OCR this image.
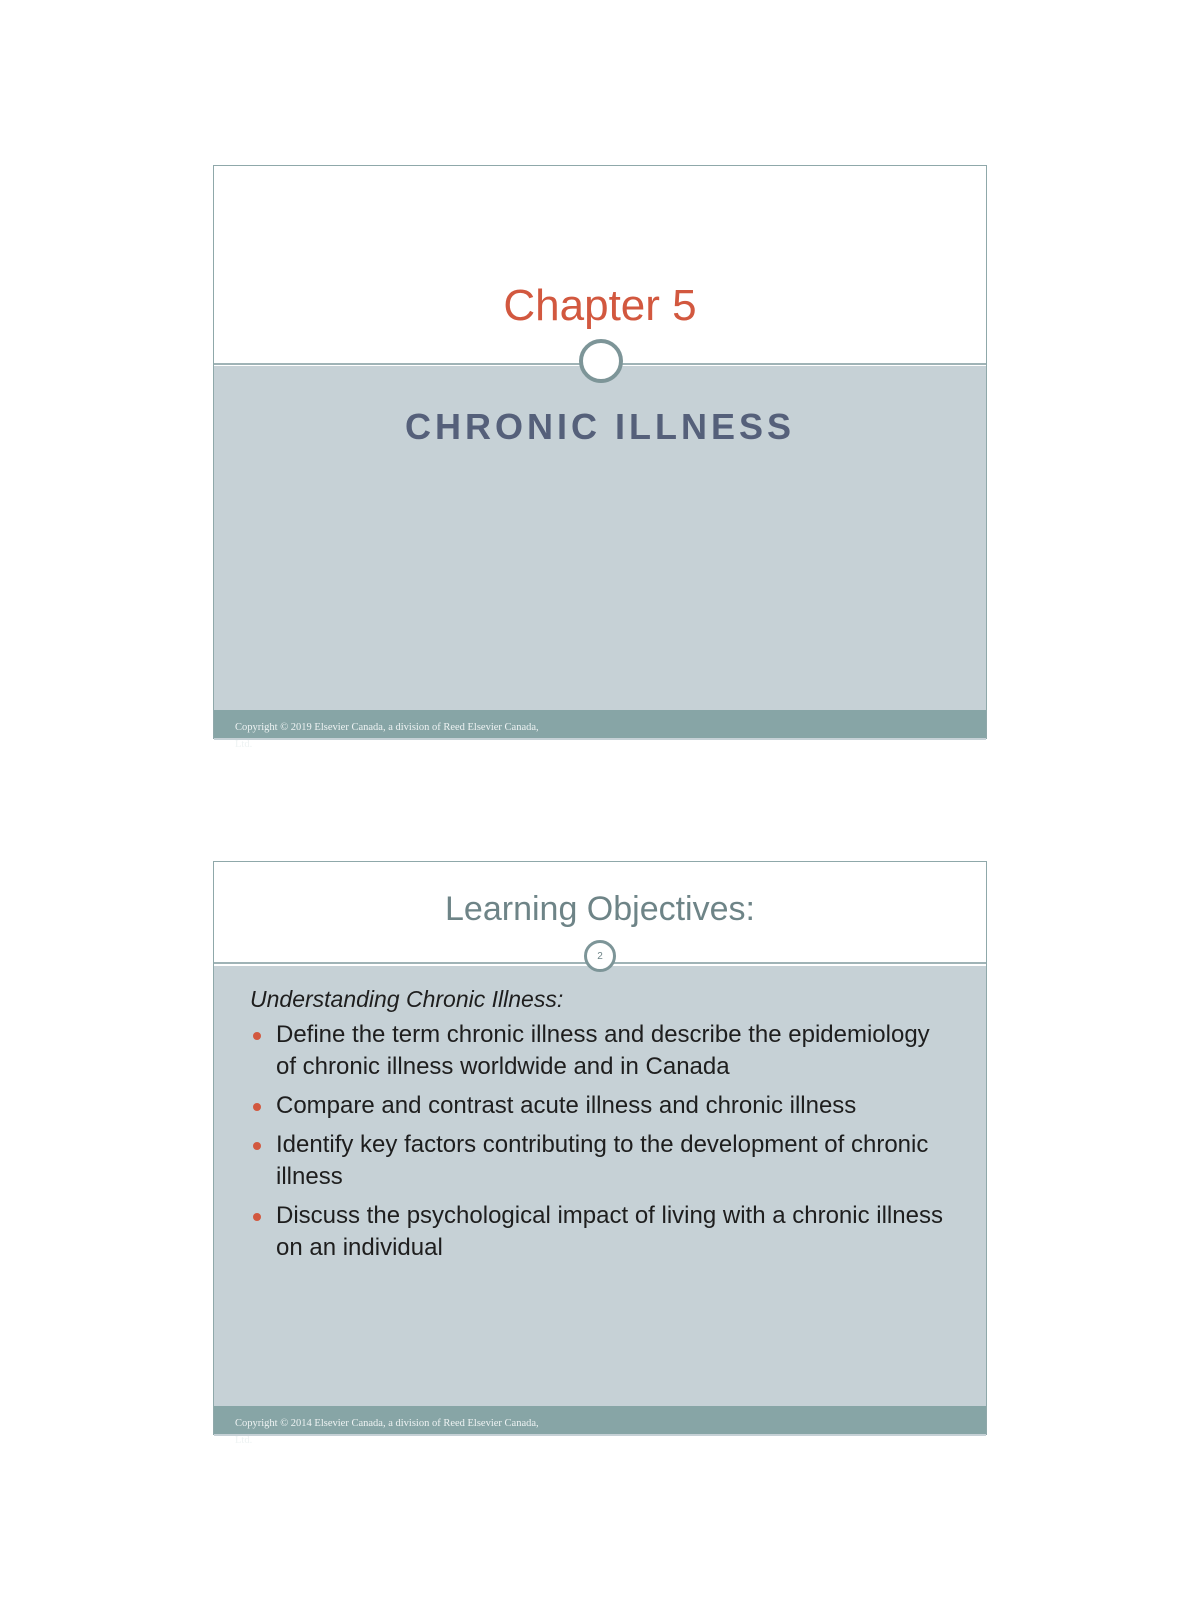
Chapter 5
CHRONIC ILLNESS
Copyright © 2019 Elsevier Canada, a division of Reed Elsevier Canada, Ltd.
2
Learning Objectives:

Understanding Chronic Illness:

Define the term chronic illness and describe the epidemiology of chronic illness worldwide and in Canada
Compare and contrast acute illness and chronic illness
Identify key factors contributing to the development of chronic illness
Discuss the psychological impact of living with a chronic illness on an individual
Copyright © 2014 Elsevier Canada, a division of Reed Elsevier Canada, Ltd.
